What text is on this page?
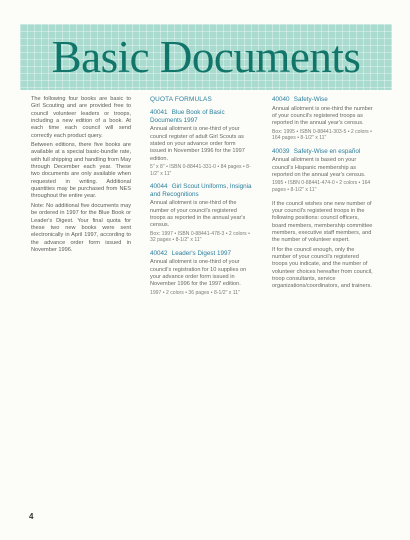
Basic Documents

The following four books are basic to Girl Scouting and are provided free to council volunteer leaders or troops, including a new edition of a book. At each time each council will send correctly each product query.

Between editions, there five books are available at a special basic-bundle rate, with full shipping and handling from May through December each year. These two documents are only available when requested in writing. Additional quantities may be purchased from NES throughout the entire year.

Note: No additional five documents may be ordered in 1997 for the Blue Book or Leader's Digest. Your final quota for these two new books were sent electronically in April 1997, according to the advance order form issued in November 1996.

QUOTA FORMULAS
40041 Blue Book of Basic Documents 1997
Annual allotment is one-third of your council register of adult Girl Scouts as stated on your advance order form issued in November 1996 for the 1997 edition.
5" x 8" • ISBN 0-88441-331-0 • 84 pages • 8-1/2" x 11"
40044 Girl Scout Uniforms, Insignia and Recognitions
Annual allotment is one-third of the number of your council's registered troops as reported in the annual year's census.
Box: 1997 • ISBN 0-88441-478-3 • 2 colors • 32 pages • 8-1/2" x 11"
40042 Leader's Digest 1997
Annual allotment is one-third of your council's registration for 10 supplies on your advance order form issued in November 1996 for the 1997 edition.
1997 • 2 colors • 36 pages • 8-1/2" x 11"
40040 Safety-Wise
Annual allotment is one-third the number of your council's registered troops as reported in the annual year's census.
Box: 1995 • ISBN 0-88441-303-5 • 2 colors • 164 pages • 8-1/2" x 11"
40039 Safety-Wise en español
Annual allotment is based on your council's Hispanic membership as reported on the annual year's census.
1995 • ISBN 0-88441-474-0 • 2 colors • 164 pages • 8-1/2" x 11"

If the council wishes one new number of your council's registered troops in the following positions: council officers, board members, membership committee members, executive staff members, and the number of volunteer expert.

If for the council enough, only the number of your council's registered troops you indicate, and the number of volunteer choices hereafter from council, troop consultants, service organizations/coordinators, and trainers.

4
